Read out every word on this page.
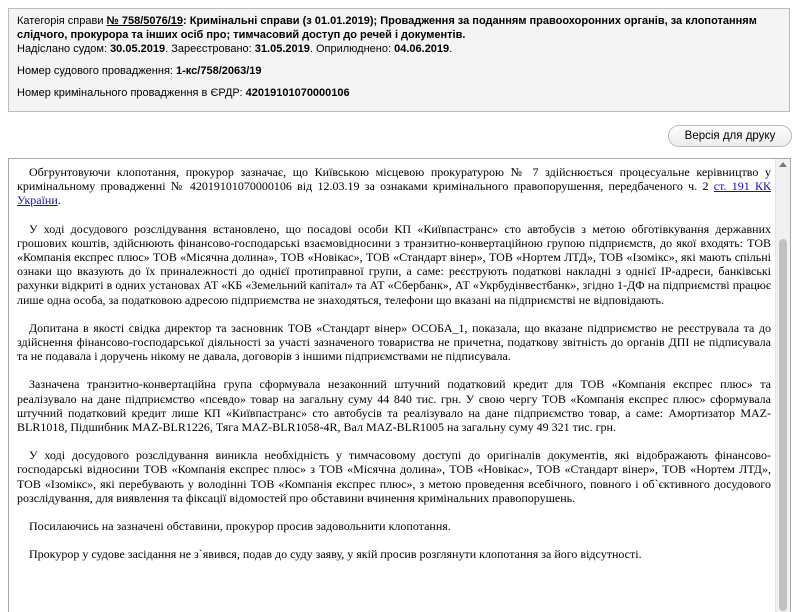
Категорія справи № 758/5076/19: Кримінальні справи (з 01.01.2019); Провадження за поданням правоохоронних органів, за клопотанням слідчого, прокурора та інших осіб про; тимчасовий доступ до речей і документів.

Надіслано судом: 30.05.2019. Зареєстровано: 31.05.2019. Оприлюднено: 04.06.2019.

Номер судового провадження: 1-кс/758/2063/19

Номер кримінального провадження в ЄРДР: 42019101070000106

Версія для друку

Обгрунтовуючи клопотання, прокурор зазначає, що Київською місцевою прокуратурою № 7 здійснюється процесуальне керівництво у кримінальному провадженні № 42019101070000106 від 12.03.19 за ознаками кримінального правопорушення, передбаченого ч. 2 ст. 191 КК України.

У ході досудового розслідування встановлено, що посадові особи КП «Київпастранс» сто автобусів з метою обготівкування державних грошових коштів, здійснюють фінансово-господарські взаємовідносини з транзитно-конвертаційною групою підприємств, до якої входять: ТОВ «Компанія експрес плюс» ТОВ «Місячна долина», ТОВ «Новікас», ТОВ «Стандарт вінер», ТОВ «Нортем ЛТД», ТОВ «Ізомікс», які мають спільні ознаки що вказують до їх приналежності до однієї протиправної групи, а саме: реєструють податкові накладні з однієї IP-адреси, банківські рахунки відкриті в одних установах АТ «КБ «Земельний капітал» та АТ «Сбербанк», АТ «Укрбудінвестбанк», згідно 1-ДФ на підприємстві працює лише одна особа, за податковою адресою підприємства не знаходяться, телефони що вказані на підприємстві не відповідають.

Допитана в якості свідка директор та засновник ТОВ «Стандарт вінер» ОСОБА_1, показала, що вказане підприємство не реєструвала та до здійснення фінансово-господарської діяльності за участі зазначеного товариства не причетна, податкову звітність до органів ДПІ не підписувала та не подавала і доручень нікому не давала, договорів з іншими підприємствами не підписувала.

Зазначена транзитно-конвертаційна група сформувала незаконний штучний податковий кредит для ТОВ «Компанія експрес плюс» та реалізувало на дане підприємство «псевдо» товар на загальну суму 44 840 тис. грн. У свою чергу ТОВ «Компанія експрес плюс» сформувала штучний податковий кредит лише КП «Київпастранс» сто автобусів та реалізувало на дане підприємство товар, а саме: Амортизатор MAZ-BLR1018, Підшибник MAZ-BLR1226, Тяга MAZ-BLR1058-4R, Вал MAZ-BLR1005 на загальну суму 49 321 тис. грн.

У ході досудового розслідування виникла необхідність у тимчасовому доступі до оригіналів документів, які відображають фінансово-господарські відносини ТОВ «Компанія експрес плюс» з ТОВ «Місячна долина», ТОВ «Новікас», ТОВ «Стандарт вінер», ТОВ «Нортем ЛТД», ТОВ «Ізомікс», які перебувають у володінні ТОВ «Компанія експрес плюс», з метою проведення всебічного, повного і об`єктивного досудового розслідування, для виявлення та фіксації відомостей про обставини вчинення кримінальних правопорушень.

Посилаючись на зазначені обставини, прокурор просив задовольнити клопотання.

Прокурор у судове засідання не з`явився, подав до суду заяву, у якій просив розглянути клопотання за його відсутності.
